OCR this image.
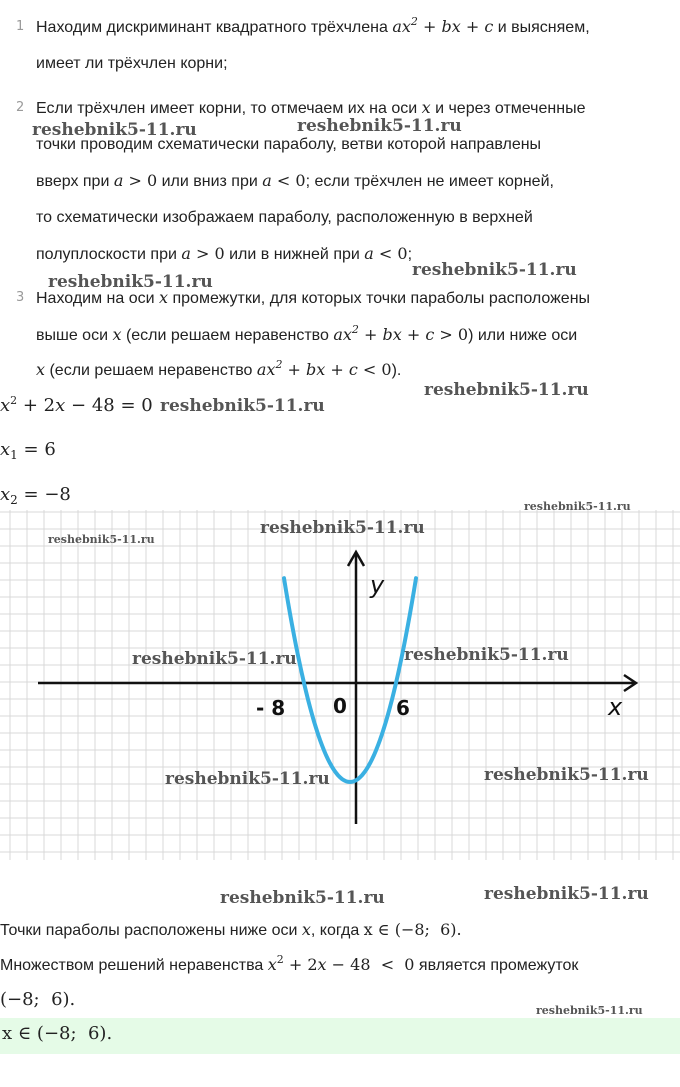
1 Находим дискриминант квадратного трёхчлена $ax^2$ + bx + c и выясняем,
имеет ли трёхчлен корни;
2 Если трёхчлен имеет корни, то отмечаем их на оси x и через отмеченные
точки проводим схематически параболу, ветви которой направлены
вверх при a > 0 или вниз при a < 0; если трёхчлен не имеет корней,
то схематически изображаем параболу, расположенную в верхней
полуплоскости при a > 0 или в нижней при a < 0;
3 Находим на оси x промежутки, для которых точки параболы расположены
выше оси x (если решаем неравенство $ax^2$ + bx + c > 0) или ниже оси
x (если решаем неравенство $ax^2$ + bx + c < 0).
$x^2 + 2x - 48 = 0$
$x_1 = 6$
$x_2 = -8$
y
x
0
- 8	6
Точки параболы расположены ниже оси x, когда x ∈ (−8;  6).
Множеством решений неравенства $x^2 + 2x - 48 < 0$ является промежуток
(−8;  6).
x ∈ (−8;  6).
reshebnik5-11.ru	reshebnik5-11.ru
reshebnik5-11.ru
reshebnik5-11.ru
reshebnik5-11.ru
reshebnik5-11.ru
reshebnik5-11.ru
reshebnik5-11.ru
reshebnik5-11.ru
reshebnik5-11.ru	reshebnik5-11.ru
reshebnik5-11.ru	reshebnik5-11.ru
reshebnik5-11.ru	reshebnik5-11.ru
reshebnik5-11.ru
